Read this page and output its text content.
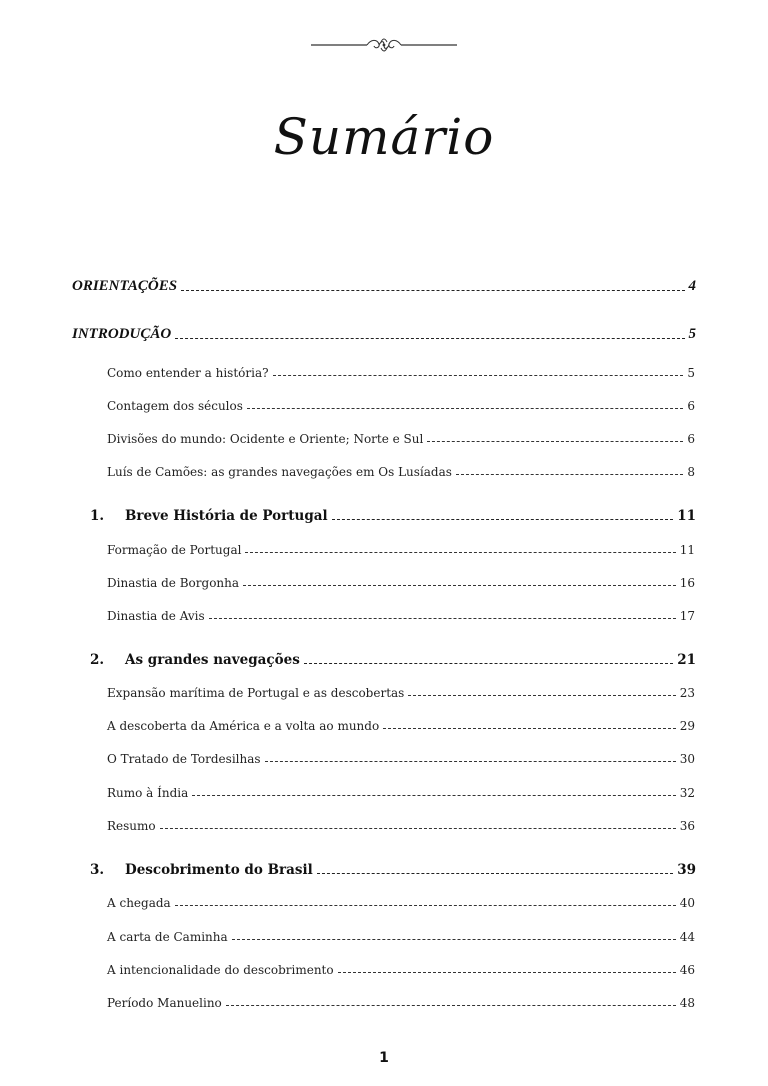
Sumário
ORIENTAÇÕES	4
INTRODUÇÃO	5
Como entender a história?	5
Contagem dos séculos	6
Divisões do mundo: Ocidente e Oriente; Norte e Sul	6
Luís de Camões: as grandes navegações em Os Lusíadas	8
1. Breve História de Portugal	11
Formação de Portugal	11
Dinastia de Borgonha	16
Dinastia de Avis	17
2. As grandes navegações	21
Expansão marítima de Portugal e as descobertas	23
A descoberta da América e a volta ao mundo	29
O Tratado de Tordesilhas	30
Rumo à Índia	32
Resumo	36
3. Descobrimento do Brasil	39
A chegada	40
A carta de Caminha	44
A intencionalidade do descobrimento	46
Período Manuelino	48
1
